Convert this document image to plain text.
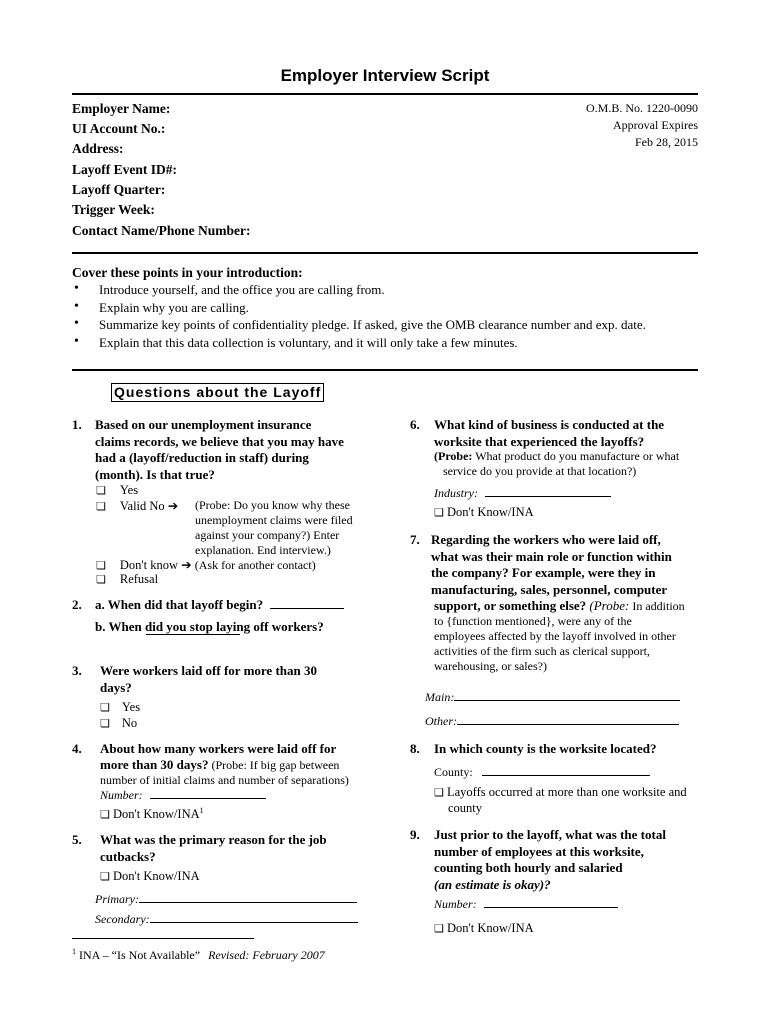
Employer Interview Script
Employer Name:
UI Account No.:
Address:
Layoff Event ID#:
Layoff Quarter:
Trigger Week:
Contact Name/Phone Number:
O.M.B. No. 1220-0090
Approval Expires
Feb 28, 2015
Cover these points in your introduction:
• Introduce yourself, and the office you are calling from.
• Explain why you are calling.
• Summarize key points of confidentiality pledge. If asked, give the OMB clearance number and exp. date.
• Explain that this data collection is voluntary, and it will only take a few minutes.
Questions about the Layoff
1. Based on our unemployment insurance
claims records, we believe that you may have
had a (layoff/reduction in staff) during
(month). Is that true?
❏ Yes
❏ Valid No ➔ (Probe: Do you know why these
unemployment claims were filed
against your company?) Enter
explanation. End interview.)
❏ Don't know ➔ (Ask for another contact)
❏ Refusal
2. a. When did that layoff begin?
b. When did you stop laying off workers?
3. Were workers laid off for more than 30
days?
❏ Yes
❏ No
4. About how many workers were laid off for
more than 30 days? (Probe: If big gap between
number of initial claims and number of separations)
Number:
❏ Don't Know/INA$^1$
5. What was the primary reason for the job
cutbacks?
❏ Don't Know/INA
Primary:
Secondary:
$^1$ INA – “Is Not Available” Revised: February 2007
6. What kind of business is conducted at the
worksite that experienced the layoffs?
(Probe: What product do you manufacture or what
service do you provide at that location?)
Industry:
❏ Don't Know/INA
7. Regarding the workers who were laid off,
what was their main role or function within
the company? For example, were they in
manufacturing, sales, personnel, computer
support, or something else? (Probe: In addition
to {function mentioned}, were any of the
employees affected by the layoff involved in other
activities of the firm such as clerical support,
warehousing, or sales?)
Main:
Other:
8. In which county is the worksite located?
County:
❏ Layoffs occurred at more than one worksite and
county
9. Just prior to the layoff, what was the total
number of employees at this worksite,
counting both hourly and salaried
(an estimate is okay)?
Number:
❏ Don't Know/INA
